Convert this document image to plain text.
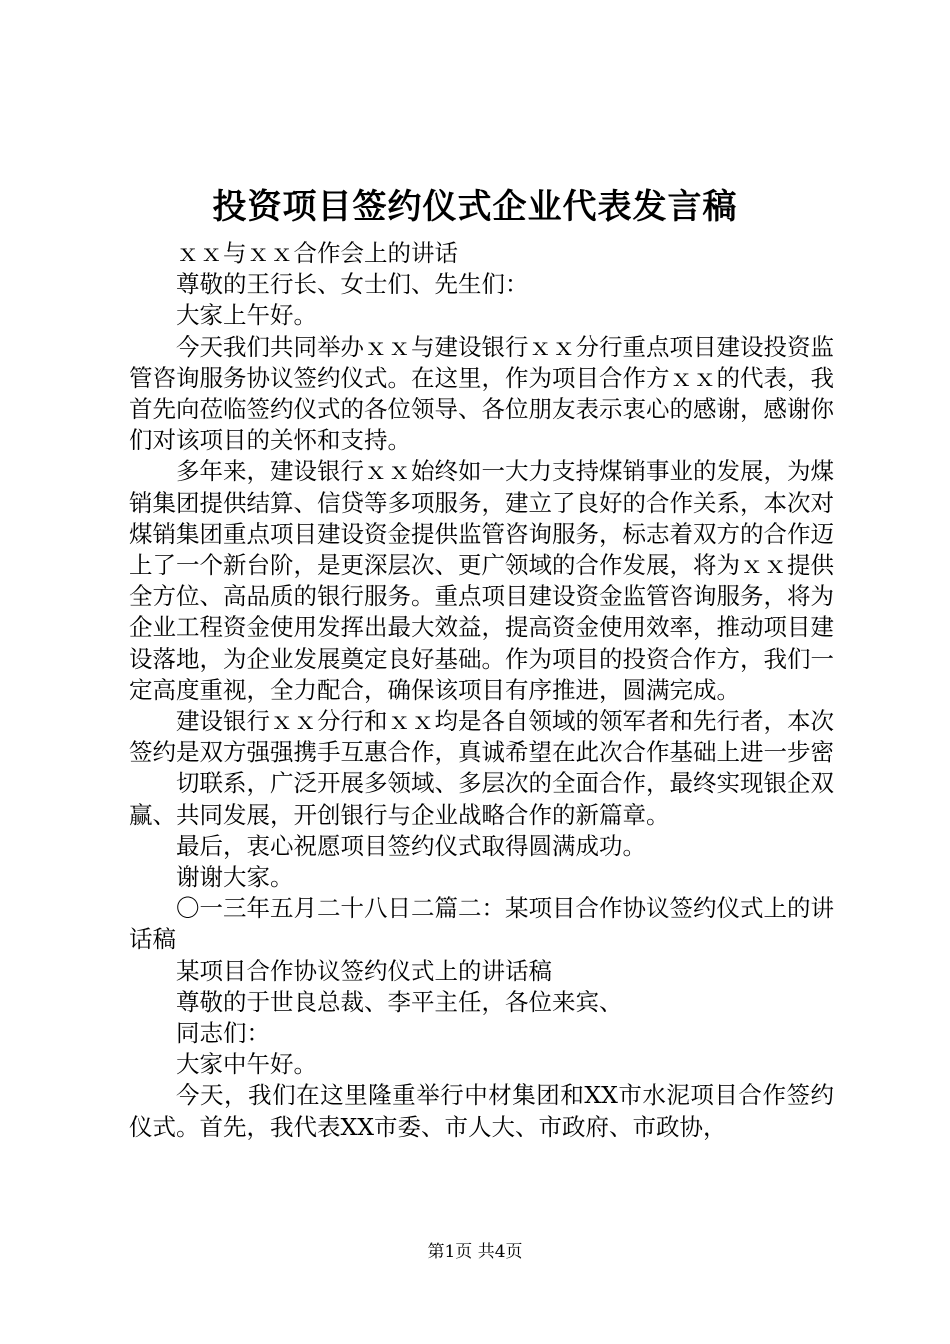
投资项目签约仪式企业代表发言稿

ｘｘ与ｘｘ合作会上的讲话

尊敬的王行长、女士们、先生们：

大家上午好。

今天我们共同举办ｘｘ与建设银行ｘｘ分行重点项目建设投资监管咨询服务协议签约仪式。在这里，作为项目合作方ｘｘ的代表，我首先向莅临签约仪式的各位领导、各位朋友表示衷心的感谢，感谢你们对该项目的关怀和支持。

多年来，建设银行ｘｘ始终如一大力支持煤销事业的发展，为煤销集团提供结算、信贷等多项服务，建立了良好的合作关系，本次对煤销集团重点项目建设资金提供监管咨询服务，标志着双方的合作迈上了一个新台阶，是更深层次、更广领域的合作发展，将为ｘｘ提供全方位、高品质的银行服务。重点项目建设资金监管咨询服务，将为企业工程资金使用发挥出最大效益，提高资金使用效率，推动项目建设落地，为企业发展奠定良好基础。作为项目的投资合作方，我们一定高度重视，全力配合，确保该项目有序推进，圆满完成。

建设银行ｘｘ分行和ｘｘ均是各自领域的领军者和先行者，本次签约是双方强强携手互惠合作，真诚希望在此次合作基础上进一步密

切联系，广泛开展多领域、多层次的全面合作，最终实现银企双赢、共同发展，开创银行与企业战略合作的新篇章。

最后，衷心祝愿项目签约仪式取得圆满成功。

谢谢大家。

〇一三年五月二十八日二篇二：某项目合作协议签约仪式上的讲话稿

某项目合作协议签约仪式上的讲话稿

尊敬的于世良总裁、李平主任，各位来宾、

同志们：

大家中午好。

今天，我们在这里隆重举行中材集团和XX市水泥项目合作签约仪式。首先，我代表XX市委、市人大、市政府、市政协，

第1页 共4页
